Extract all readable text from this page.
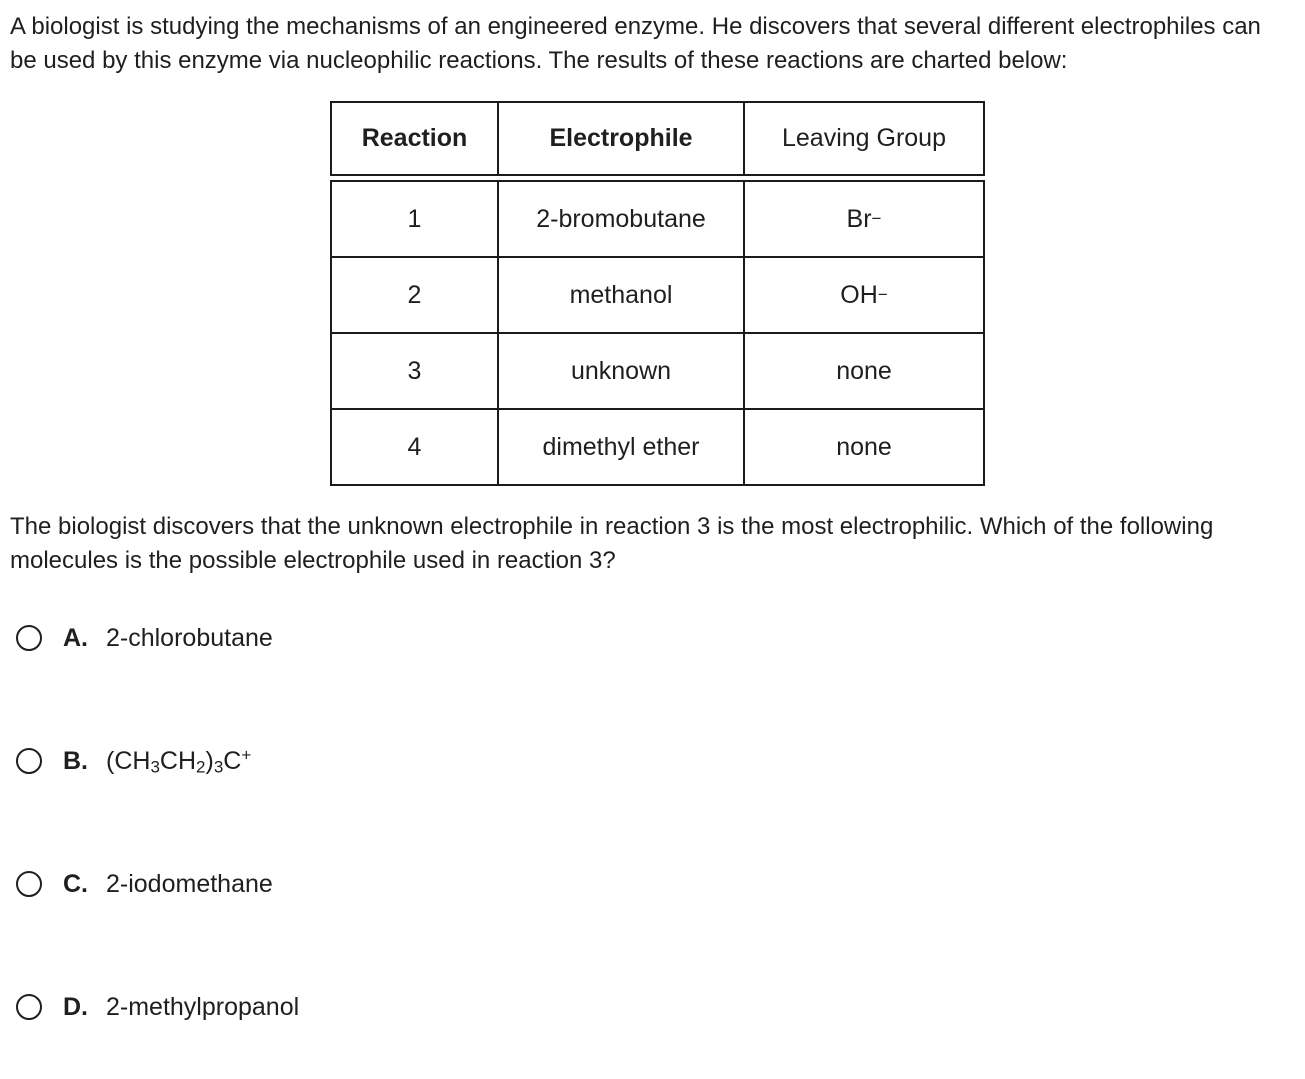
A biologist is studying the mechanisms of an engineered enzyme. He discovers that several different electrophiles can be used by this enzyme via nucleophilic reactions. The results of these reactions are charted below:

Reaction	Electrophile	Leaving Group
1	2-bromobutane	Br −
2	methanol	OH −
3	unknown	none
4	dimethyl ether	none

The biologist discovers that the unknown electrophile in reaction 3 is the most electrophilic. Which of the following molecules is the possible electrophile used in reaction 3?

A. 2-chlorobutane
B. $(CH_3CH_2)_3C^+$
C. 2-iodomethane
D. 2-methylpropanol
